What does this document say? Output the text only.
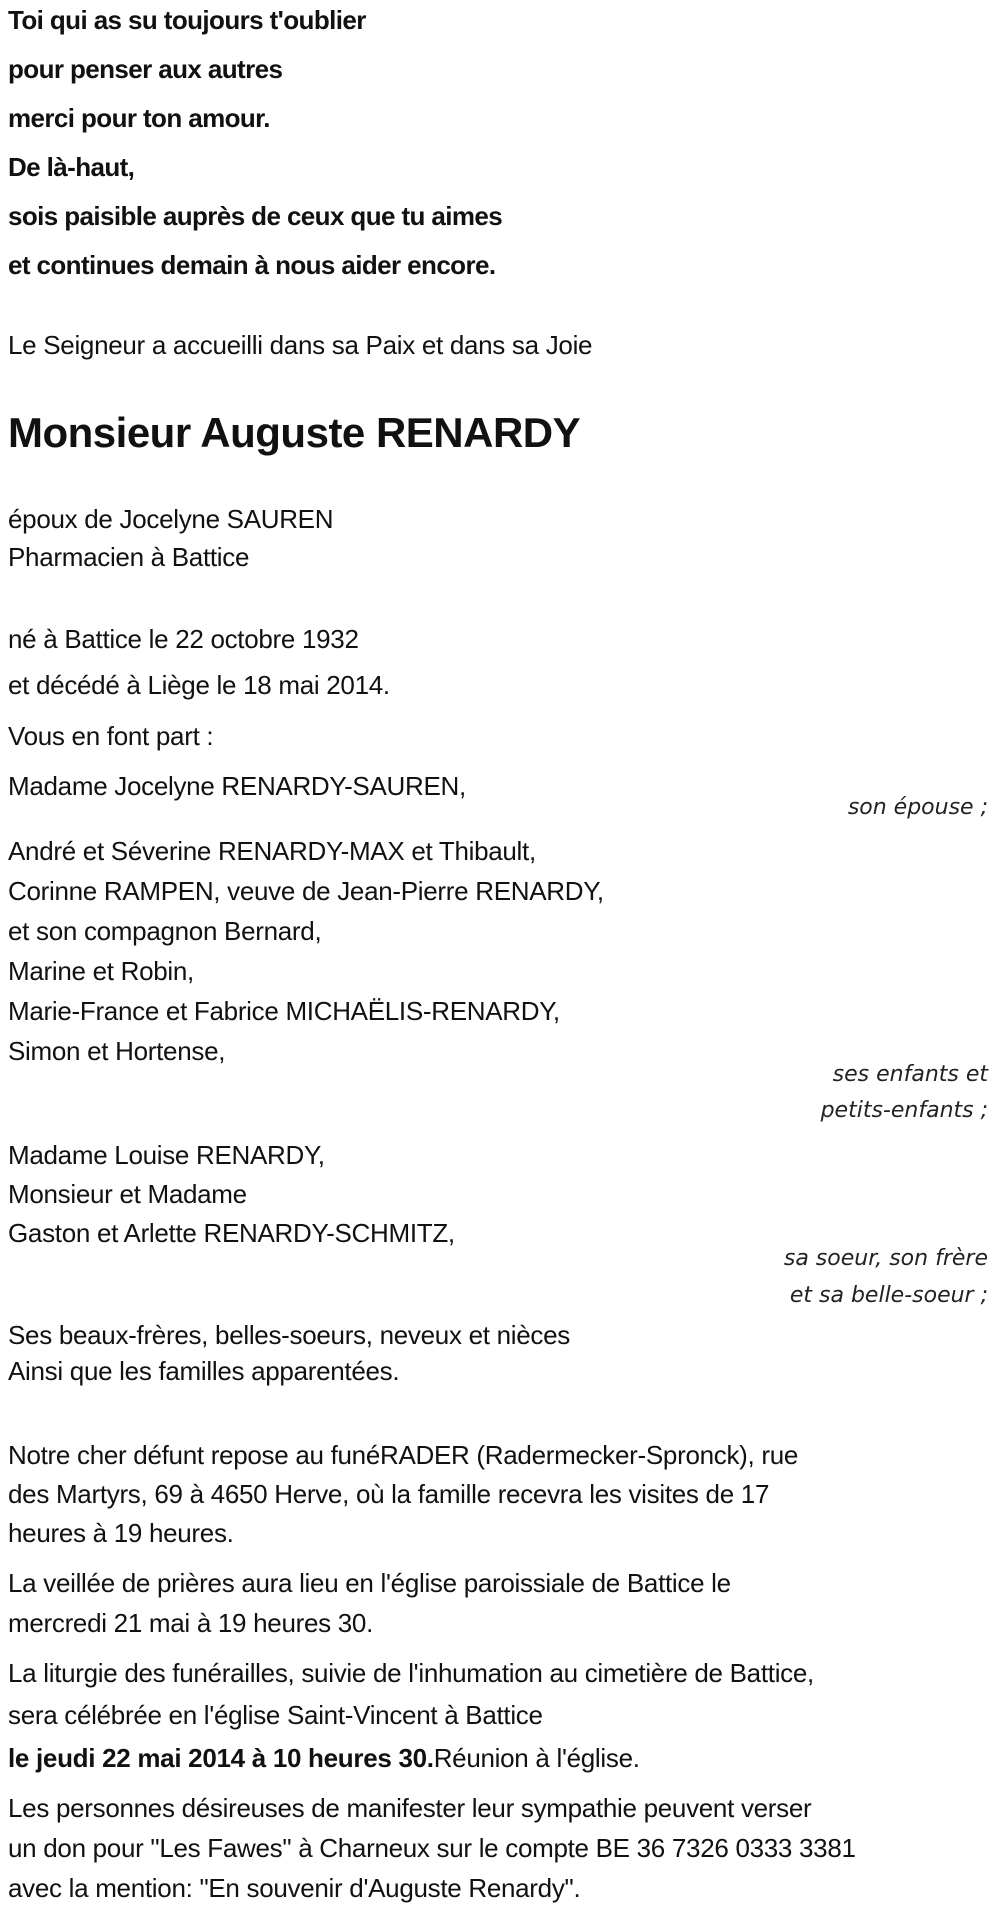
Toi qui as su toujours t'oublier
pour penser aux autres
merci pour ton amour.
De là-haut,
sois paisible auprès de ceux que tu aimes
et continues demain à nous aider encore.
Le Seigneur a accueilli dans sa Paix et dans sa Joie
Monsieur Auguste RENARDY
époux de Jocelyne SAUREN
Pharmacien à Battice
né à Battice le 22 octobre 1932
et décédé à Liège le 18 mai 2014.
Vous en font part :
Madame Jocelyne RENARDY-SAUREN,
son épouse ;
André et Séverine RENARDY-MAX et Thibault,
Corinne RAMPEN, veuve de Jean-Pierre RENARDY,
et son compagnon Bernard,
Marine et Robin,
Marie-France et Fabrice MICHAËLIS-RENARDY,
Simon et Hortense,
ses enfants et
petits-enfants ;
Madame Louise RENARDY,
Monsieur et Madame
Gaston et Arlette RENARDY-SCHMITZ,
sa soeur, son frère
et sa belle-soeur ;
Ses beaux-frères, belles-soeurs, neveux et nièces
Ainsi que les familles apparentées.
Notre cher défunt repose au funéRADER (Radermecker-Spronck), rue
des Martyrs, 69 à 4650 Herve, où la famille recevra les visites de 17
heures à 19 heures.
La veillée de prières aura lieu en l'église paroissiale de Battice le
mercredi 21 mai à 19 heures 30.
La liturgie des funérailles, suivie de l'inhumation au cimetière de Battice,
sera célébrée en l'église Saint-Vincent à Battice
le jeudi 22 mai 2014 à 10 heures 30.Réunion à l'église.
Les personnes désireuses de manifester leur sympathie peuvent verser
un don pour "Les Fawes" à Charneux sur le compte BE 36 7326 0333 3381
avec la mention: "En souvenir d'Auguste Renardy".
